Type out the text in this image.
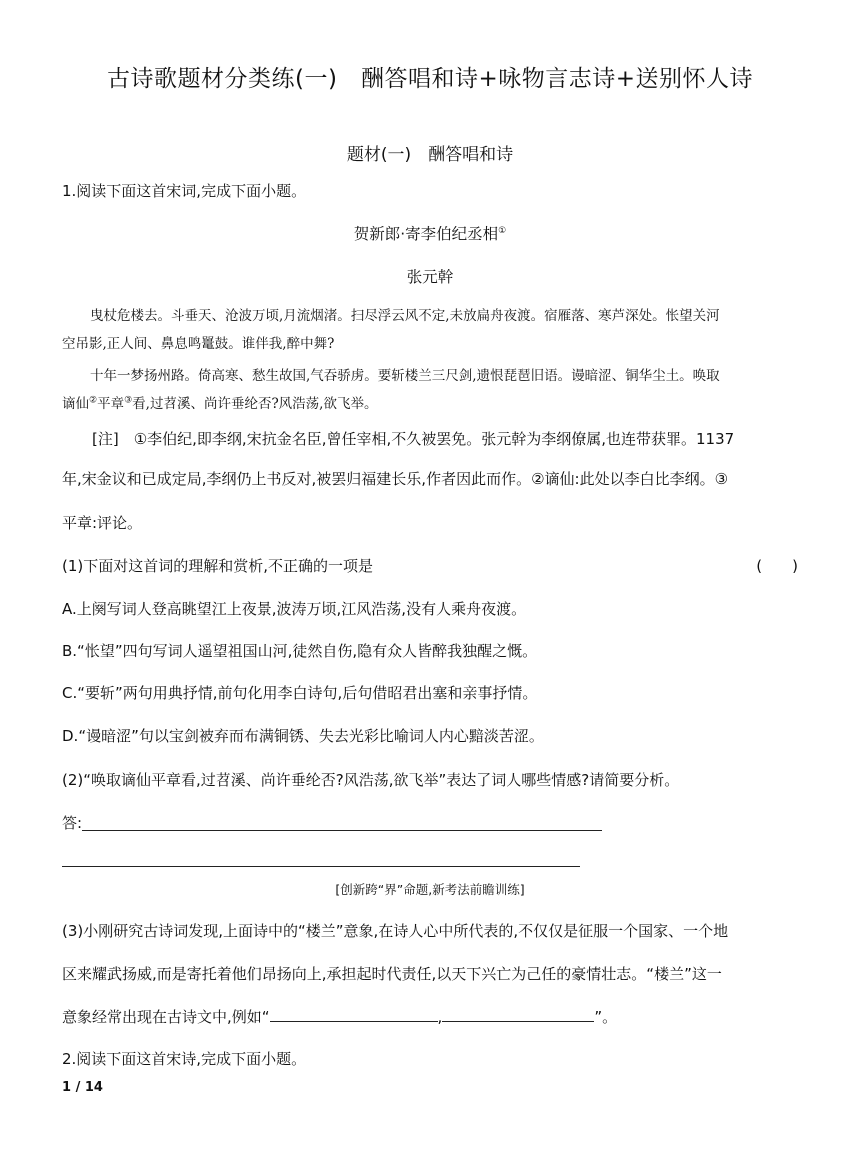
古诗歌题材分类练(一)　酬答唱和诗+咏物言志诗+送别怀人诗
题材(一)　酬答唱和诗
1.阅读下面这首宋词,完成下面小题。
贺新郎·寄李伯纪丞相①
张元幹
曳杖危楼去。斗垂天、沧波万顷,月流烟渚。扫尽浮云风不定,未放扁舟夜渡。宿雁落、寒芦深处。怅望关河
空吊影,正人间、鼻息鸣鼍鼓。谁伴我,醉中舞?
十年一梦扬州路。倚高寒、愁生故国,气吞骄虏。要斩楼兰三尺剑,遗恨琵琶旧语。谩暗涩、铜华尘土。唤取
谪仙②平章③看,过苕溪、尚许垂纶否?风浩荡,欲飞举。
[注]　①李伯纪,即李纲,宋抗金名臣,曾任宰相,不久被罢免。张元幹为李纲僚属,也连带获罪。1137
年,宋金议和已成定局,李纲仍上书反对,被罢归福建长乐,作者因此而作。②谪仙:此处以李白比李纲。③
平章:评论。
(1)下面对这首词的理解和赏析,不正确的一项是	(　　)
A.上阕写词人登高眺望江上夜景,波涛万顷,江风浩荡,没有人乘舟夜渡。
B.“怅望”四句写词人遥望祖国山河,徒然自伤,隐有众人皆醉我独醒之慨。
C.“要斩”两句用典抒情,前句化用李白诗句,后句借昭君出塞和亲事抒情。
D.“谩暗涩”句以宝剑被弃而布满铜锈、失去光彩比喻词人内心黯淡苦涩。
(2)“唤取谪仙平章看,过苕溪、尚许垂纶否?风浩荡,欲飞举”表达了词人哪些情感?请简要分析。
答:
[创新跨“界”命题,新考法前瞻训练]
(3)小刚研究古诗词发现,上面诗中的“楼兰”意象,在诗人心中所代表的,不仅仅是征服一个国家、一个地
区来耀武扬威,而是寄托着他们昂扬向上,承担起时代责任,以天下兴亡为己任的豪情壮志。“楼兰”这一
意象经常出现在古诗文中,例如“	,	”。
2.阅读下面这首宋诗,完成下面小题。
1 / 14
